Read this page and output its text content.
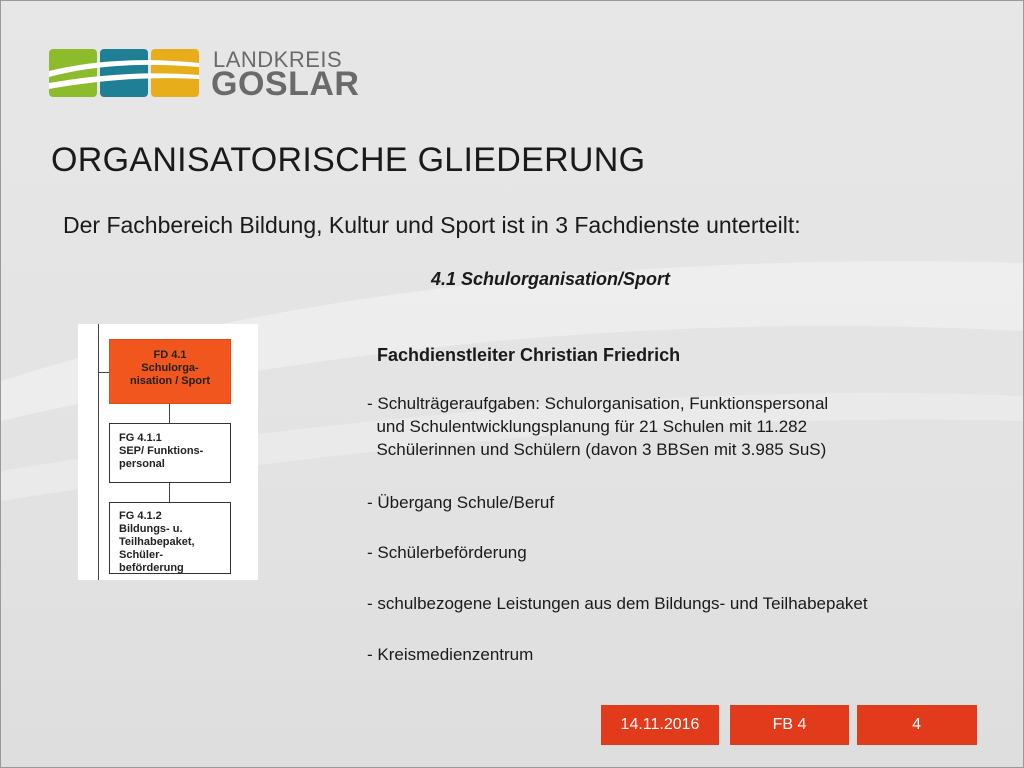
LANDKREIS
GOSLAR
ORGANISATORISCHE GLIEDERUNG
Der Fachbereich Bildung, Kultur und Sport ist in 3 Fachdienste unterteilt:
4.1 Schulorganisation/Sport
FD 4.1
Schulorga-
nisation / Sport
FG 4.1.1
SEP/ Funktions-
personal
FG 4.1.2
Bildungs- u.
Teilhabepaket,
Schüler-
beförderung
Fachdienstleiter Christian Friedrich
- Schulträgeraufgaben: Schulorganisation, Funktionspersonal
und Schulentwicklungsplanung für 21 Schulen mit 11.282
Schülerinnen und Schülern (davon 3 BBSen mit 3.985 SuS)
- Übergang Schule/Beruf
- Schülerbeförderung
- schulbezogene Leistungen aus dem Bildungs- und Teilhabepaket
- Kreismedienzentrum
14.11.2016	FB 4	4
